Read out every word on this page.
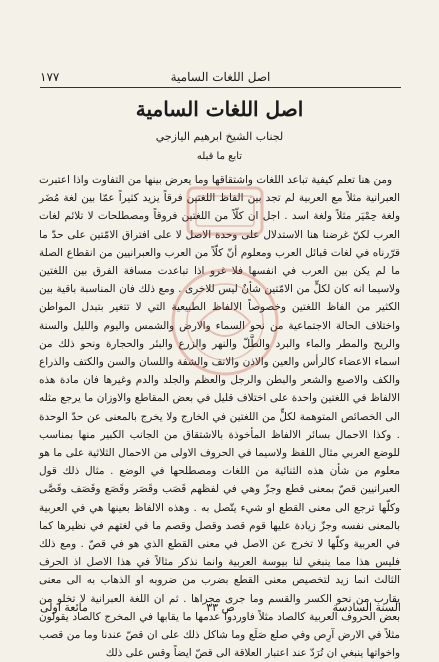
١٧٧	اصل اللغات السامية
اصل اللغات السامية
لجناب الشيخ ابرهيم اليازجي
تابع ما قبله

ومن هنا تعلم كيفية تباعد اللغات واشتقاقها وما يعرض بينها من التفاوت واذا اعتبرت العبرانية مثلاً مع العربية لم تجد بين الفاظ اللغتين فرقاً يزيد كثيراً عمّا بين لغة مُضَر ولغة حِمْيَر مثلاً ولغة اسد . اجل ان كلّاً من اللغتين فروقاً ومصطلحات لا تلائم لغات العرب لكنّ غرضنا هنا الاستدلال على وحدة الاصل لا على افتراق الامّتين على حدّ ما قرّرناه في لغات قبائل العرب ومعلوم أنّ كلّاً من العرب والعبرانيين من انقطاع الصلة ما لم يكن بين العرب في انفسها فلا غرو اذا تباعدت مسافة الفرق بين اللغتين ولاسيما انه كان لكلٍّ من الامّتين شأنٌ ليس للاخرى . ومع ذلك فان المناسبة باقية بين الكثير من الفاظ اللغتين وخصوصاً الالفاظ الطبيعية التي لا تتغير بتبدل المواطن واختلاف الحالة الاجتماعية من نحو السماء والارض والشمس واليوم والليل والسنة والريح والمطر والماء والبرد والطَّلّ والنهر والزرع والبئر والحجارة ونحو ذلك من اسماء الاعضاء كالرأس والعين والاذن والانف والشفة واللسان والسن والكتف والذراع والكف والاصبع والشعر والبطن والرجل والعظم والجلد والدم وغيرها فان مادة هذه الالفاظ في اللغتين واحدة على اختلاف قليل في بعض المقاطع والاوزان ما يرجع مثله الى الخصائص المتوهمة لكلٍّ من اللغتين في الخارج ولا يخرج بالمعنى عن حدّ الوحدة . وكذا الاحمال بسائر الالفاظ المأخوذة بالاشتقاق من الجانب الكبير منها بمناسب للوضع العربي مثال اللفظ ولاسيما في الحروف الاولى من الاحمال الثلاثية على ما هو معلوم من شأن هذه الثنائية من اللغات ومصطلحها في الوضع . مثال ذلك قول العبرانيين قصّ بمعنى قطع وجزّ وهي في لفظهم قَصَب وقَصَر وقَصَع وقَصَف وقَصَّى وكلّها ترجع الى معنى القطع او شيء يتّصل به . وهذه الالفاظ بعينها هي في العربية بالمعنى نفسه وجزّ زيادة عليها قوم قصد وقصل وقصم ما في لغتهم في نظيرها كما في العربية وكلّها لا تخرج عن الاصل في معنى القطع الذي هو في قصّ . ومع ذلك فليس هذا مما ينبغي لنا بيوسة العربية وانما نذكر مثالاً في هذا الاصل اذ الحرف الثالث انما زيد لتخصيص معنى القطع بضرب من ضروبه او الذهاب به الى معنى يقارب من نحو الكسر والقسم وما جرى مجراها . ثم ان اللغة العبرانية لا تخلو من بعض الحروف العربية كالصاد مثلاً فاوردوا عدمها ما يقابها في المخرج كالصاد يقولون مثلاً في الارض آرِص وفي صلع صَلَع وما شاكل ذلك على ان قصّ عندنا وما من قصب واخواتها ينبغي ان تُرَدّ عند اعتبار العلاقة الى قصّ ايضاً وقس على ذلك

مائعة اولى	ص ٣٣	السنة السادسة
